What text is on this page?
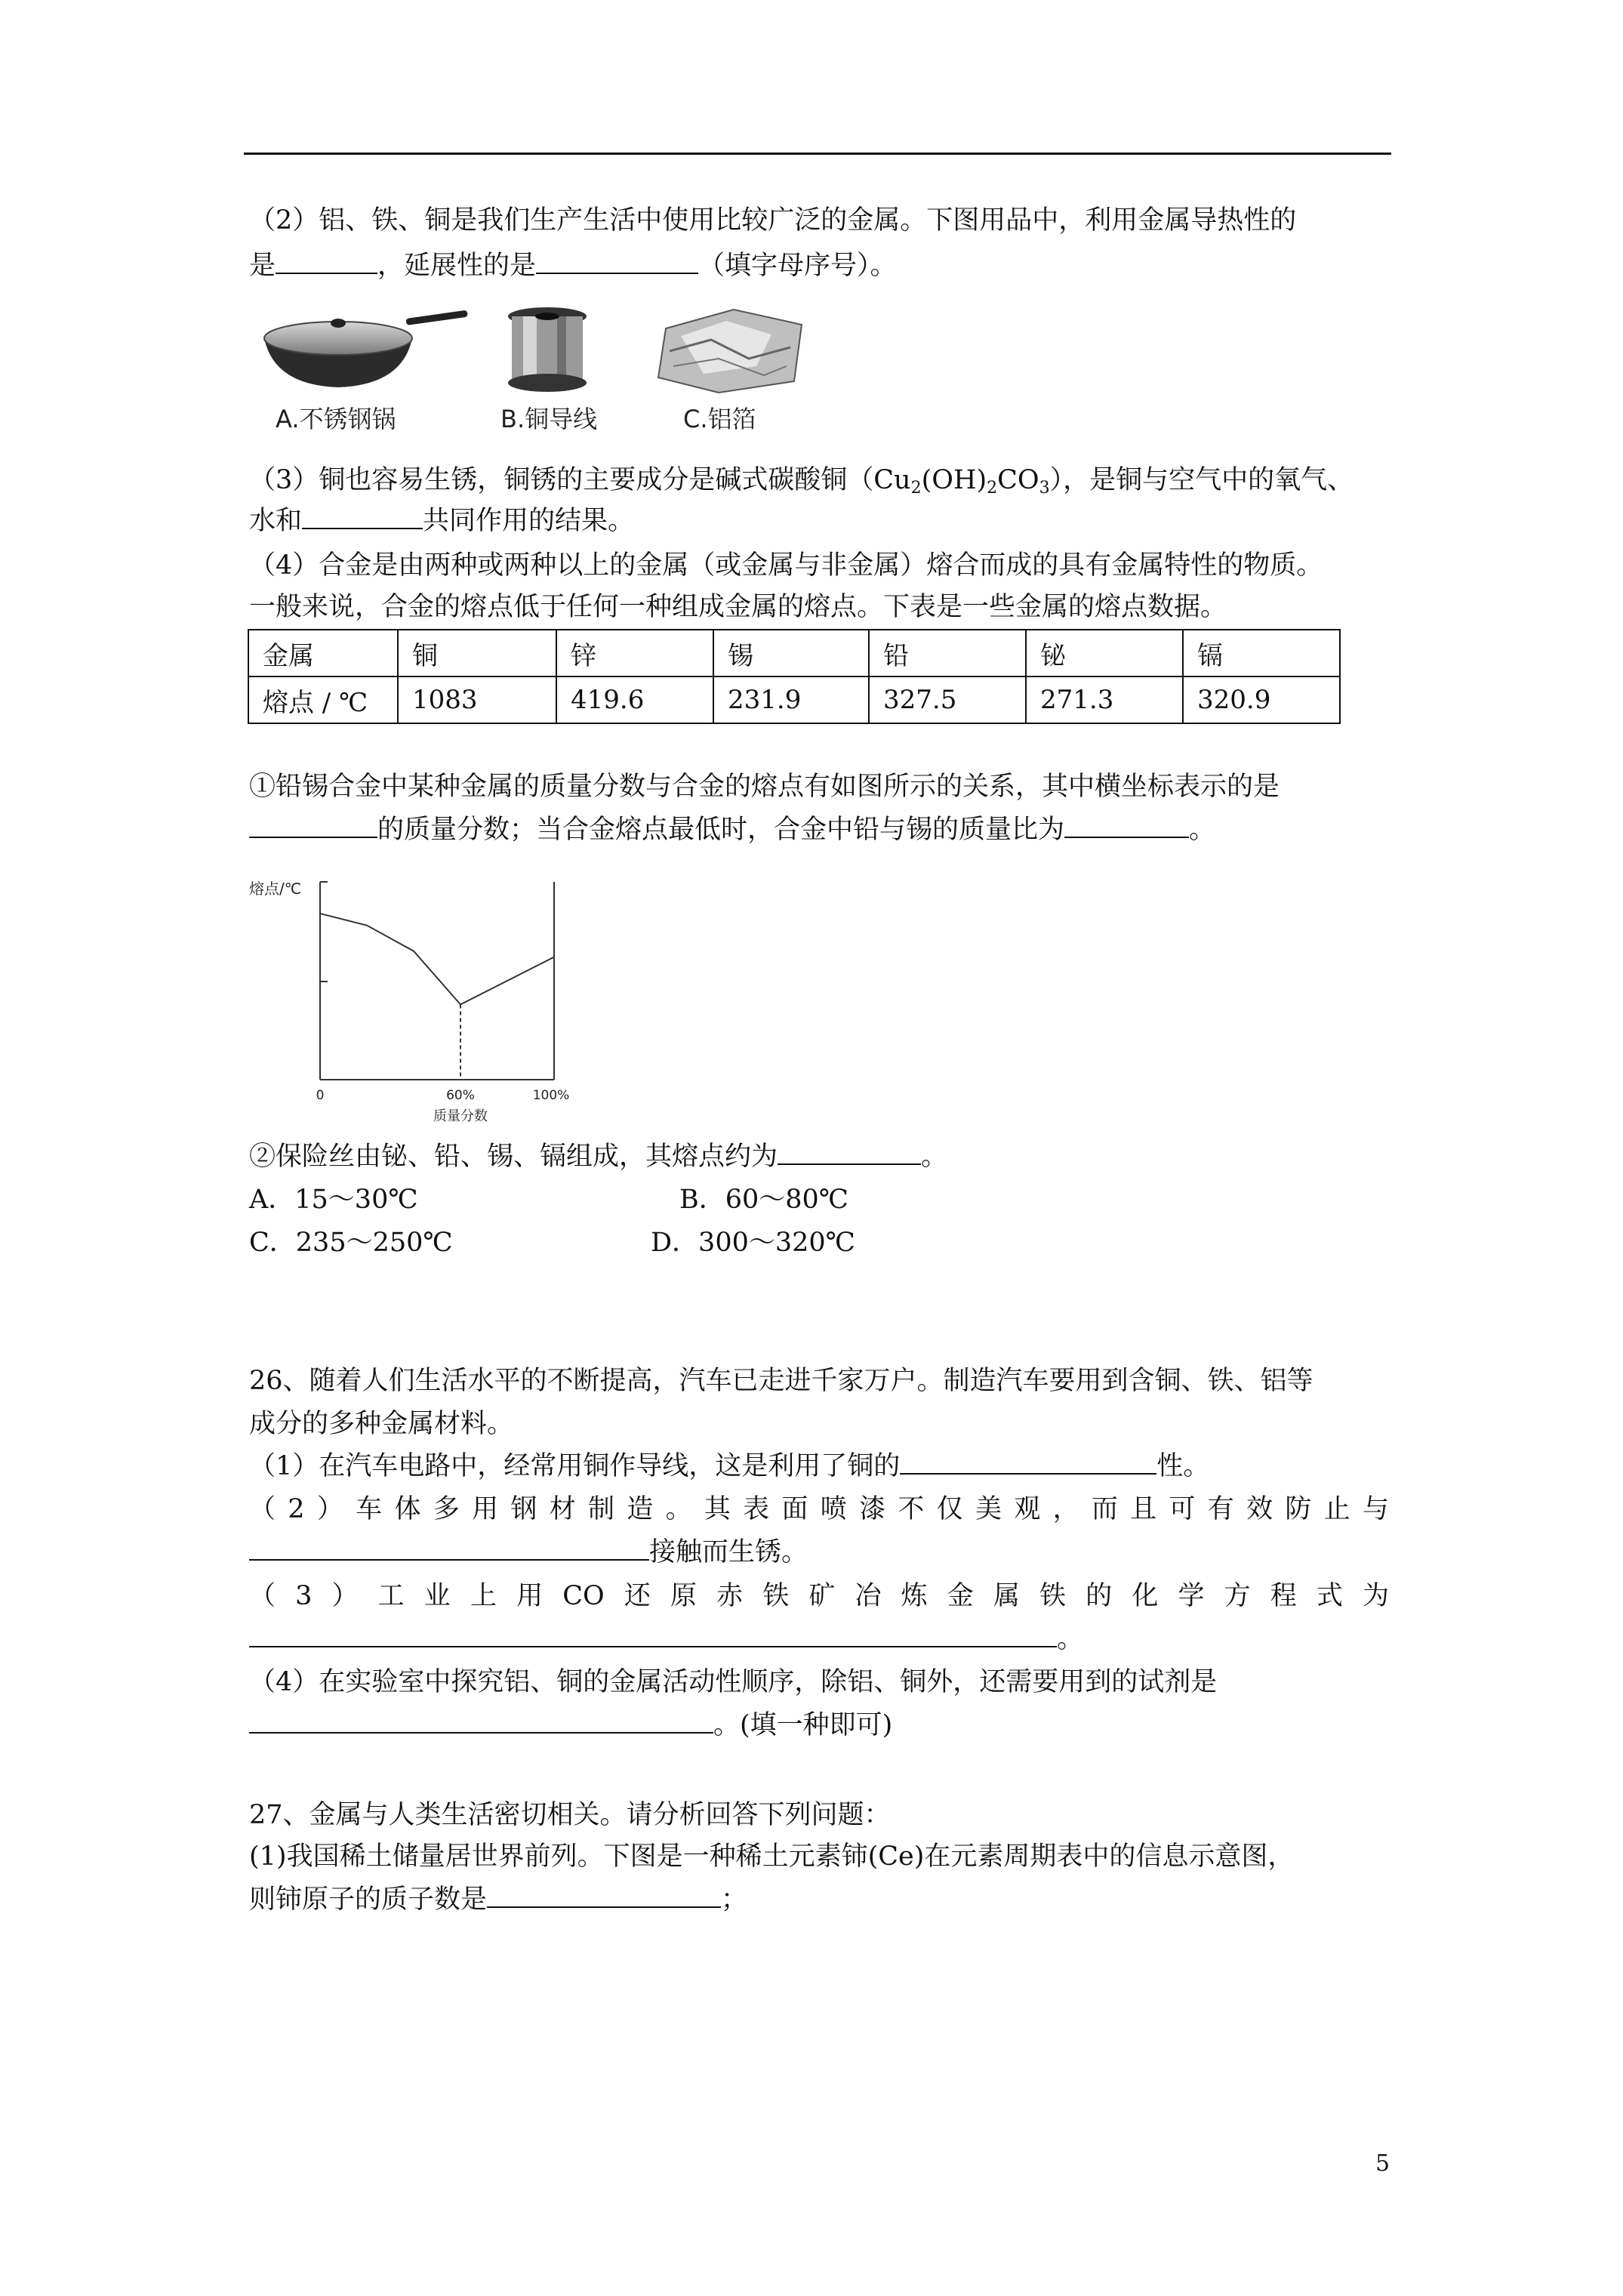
（2）铝、铁、铜是我们生产生活中使用比较广泛的金属。下图用品中，利用金属导热性的
是	，延展性的是	（填字母序号）。
A.不锈钢锅	B.铜导线	C.铝箔
（3）铜也容易生锈，铜锈的主要成分是碱式碳酸铜$(Cu_2(OH)_2CO_3)$，是铜与空气中的氧气、
水和	共同作用的结果。
（4）合金是由两种或两种以上的金属（或金属与非金属）熔合而成的具有金属特性的物质。
一般来说，合金的熔点低于任何一种组成金属的熔点。下表是一些金属的熔点数据。
金属	铜	锌	锡	铅	铋	镉
熔点 / ℃	1083	419.6	231.9	327.5	271.3	320.9
①铅锡合金中某种金属的质量分数与合金的熔点有如图所示的关系，其中横坐标表示的是
的质量分数；当合金熔点最低时，合金中铅与锡的质量比为	。
熔点/℃
0	60%	100%
质量分数
②保险丝由铋、铅、锡、镉组成，其熔点约为	。
A．15～30℃	B．60～80℃
C．235～250℃	D．300～320℃
26、随着人们生活水平的不断提高，汽车已走进千家万户。制造汽车要用到含铜、铁、铝等
成分的多种金属材料。
（1）在汽车电路中，经常用铜作导线，这是利用了铜的	性。
（2）车体多用钢材制造。其表面喷漆不仅美观，而且可有效防止与
接触而生锈。
（3）工业上用CO还原赤铁矿冶炼金属铁的化学方程式为
。
（4）在实验室中探究铝、铜的金属活动性顺序，除铝、铜外，还需要用到的试剂是
。(填一种即可)
27、金属与人类生活密切相关。请分析回答下列问题：
(1)我国稀土储量居世界前列。下图是一种稀土元素铈(Ce)在元素周期表中的信息示意图，
则铈原子的质子数是	；
5
